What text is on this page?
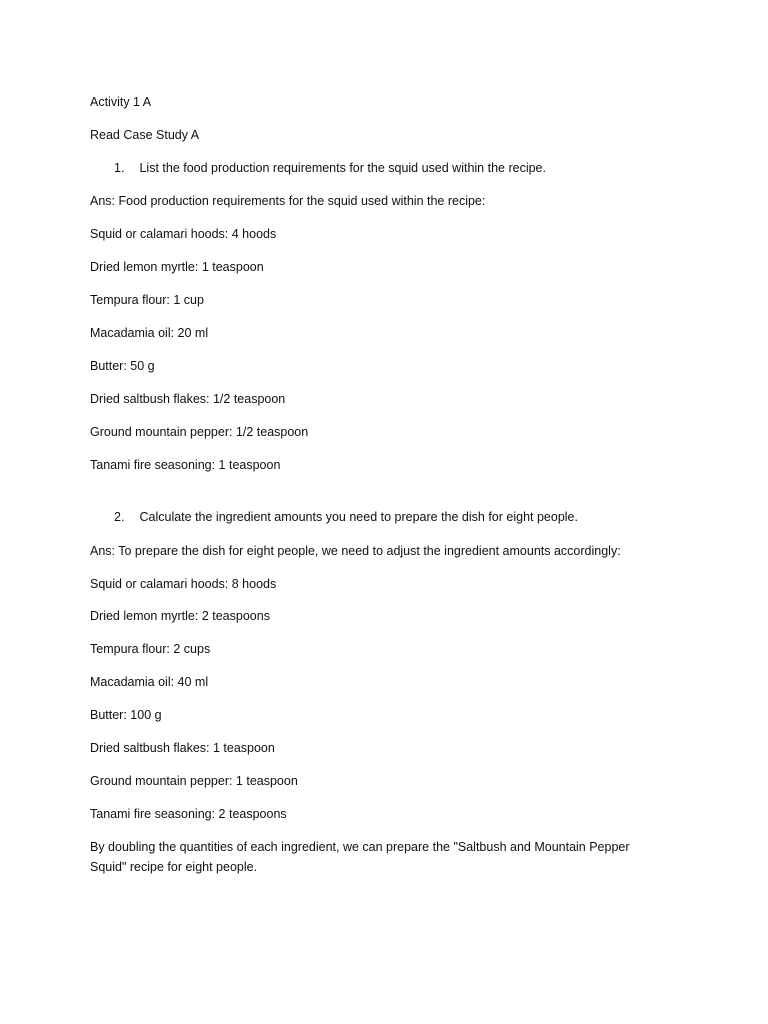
Activity 1 A
Read Case Study A
1. List the food production requirements for the squid used within the recipe.
Ans: Food production requirements for the squid used within the recipe:
Squid or calamari hoods: 4 hoods
Dried lemon myrtle: 1 teaspoon
Tempura flour: 1 cup
Macadamia oil: 20 ml
Butter: 50 g
Dried saltbush flakes: 1/2 teaspoon
Ground mountain pepper: 1/2 teaspoon
Tanami fire seasoning: 1 teaspoon
2. Calculate the ingredient amounts you need to prepare the dish for eight people.
Ans: To prepare the dish for eight people, we need to adjust the ingredient amounts accordingly:
Squid or calamari hoods: 8 hoods
Dried lemon myrtle: 2 teaspoons
Tempura flour: 2 cups
Macadamia oil: 40 ml
Butter: 100 g
Dried saltbush flakes: 1 teaspoon
Ground mountain pepper: 1 teaspoon
Tanami fire seasoning: 2 teaspoons
By doubling the quantities of each ingredient, we can prepare the "Saltbush and Mountain Pepper Squid" recipe for eight people.
